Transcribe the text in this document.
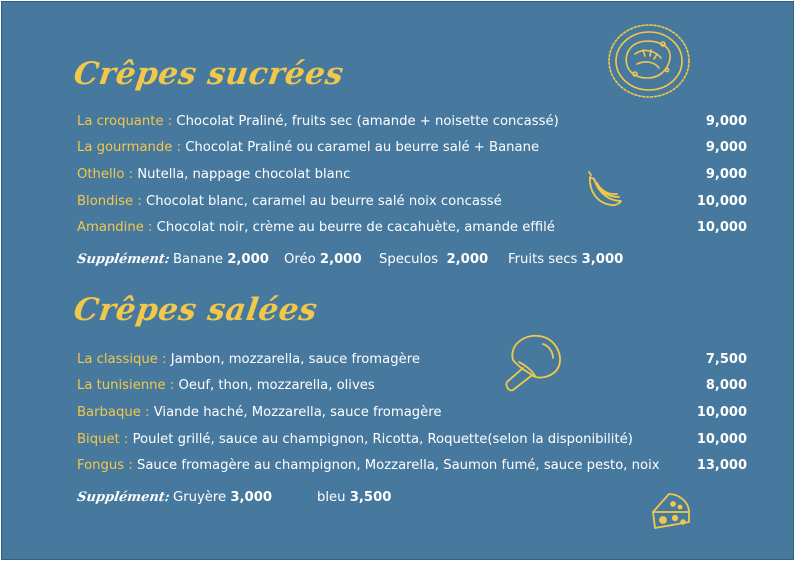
Crêpes sucrées
La croquante : Chocolat Praliné, fruits sec (amande + noisette concassé)	9,000
La gourmande : Chocolat Praliné ou caramel au beurre salé + Banane	9,000
Othello : Nutella, nappage chocolat blanc	9,000
Blondise : Chocolat blanc, caramel au beurre salé noix concassé	10,000
Amandine : Chocolat noir, crème au beurre de cacahuète, amande effilé	10,000
Supplément: Banane 2,000 Oréo 2,000 Speculos 2,000 Fruits secs 3,000
Crêpes salées
La classique : Jambon, mozzarella, sauce fromagère	7,500
La tunisienne : Oeuf, thon, mozzarella, olives	8,000
Barbaque : Viande haché, Mozzarella, sauce fromagère	10,000
Biquet : Poulet grillé, sauce au champignon, Ricotta, Roquette(selon la disponibilité)	10,000
Fongus : Sauce fromagère au champignon, Mozzarella, Saumon fumé, sauce pesto, noix	13,000
Supplément: Gruyère 3,000	bleu 3,500
